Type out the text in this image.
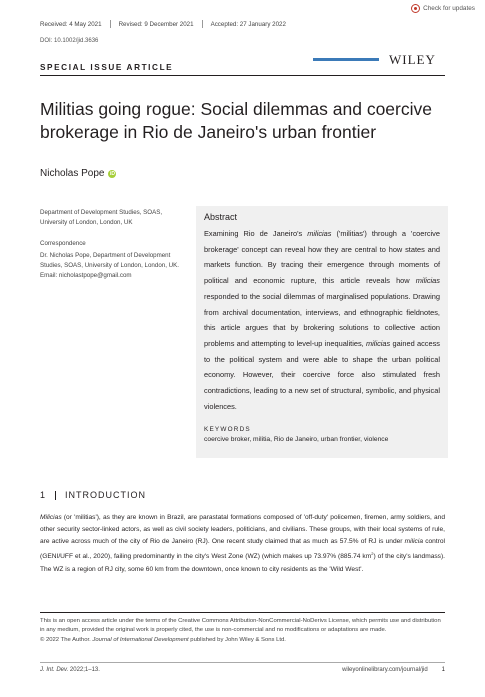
Check for updates
Received: 4 May 2021	Revised: 9 December 2021	Accepted: 27 January 2022
DOI: 10.1002/jid.3636
SPECIAL ISSUE ARTICLE
WILEY
Militias going rogue: Social dilemmas and coercive brokerage in Rio de Janeiro's urban frontier
Nicholas Pope	iD
Department of Development Studies, SOAS, University of London, London, UK
Correspondence
Dr. Nicholas Pope, Department of Development Studies, SOAS, University of London, London, UK.
Email: nicholastpope@gmail.com
Abstract
Examining Rio de Janeiro's milicias ('militias') through a 'coercive brokerage' concept can reveal how they are central to how states and markets function. By tracing their emergence through moments of political and economic rupture, this article reveals how milicias responded to the social dilemmas of marginalised populations. Drawing from archival documentation, interviews, and ethnographic fieldnotes, this article argues that by brokering solutions to collective action problems and attempting to level-up inequalities, milicias gained access to the political system and were able to shape the urban political economy. However, their coercive force also stimulated fresh contradictions, leading to a new set of structural, symbolic, and physical violences.
KEYWORDS
coercive broker, militia, Rio de Janeiro, urban frontier, violence
1 INTRODUCTION
Milicias (or 'militias'), as they are known in Brazil, are parastatal formations composed of 'off-duty' policemen, firemen, army soldiers, and other security sector-linked actors, as well as civil society leaders, politicians, and civilians. These groups, with their local systems of rule, are active across much of the city of Rio de Janeiro (RJ). One recent study claimed that as much as 57.5% of RJ is under milicia control (GENI/UFF et al., 2020), failing predominantly in the city's West Zone (WZ) (which makes up 73.97% (885.74 $km^2$) of the city's landmass). The WZ is a region of RJ city, some 60 km from the downtown, once known to city residents as the 'Wild West'.
This is an open access article under the terms of the Creative Commons Attribution-NonCommercial-NoDerivs License, which permits use and distribution in any medium, provided the original work is properly cited, the use is non-commercial and no modifications or adaptations are made.
© 2022 The Author. Journal of International Development published by John Wiley & Sons Ltd.
J. Int. Dev. 2022;1–13.	wileyonlinelibrary.com/journal/jid 1
